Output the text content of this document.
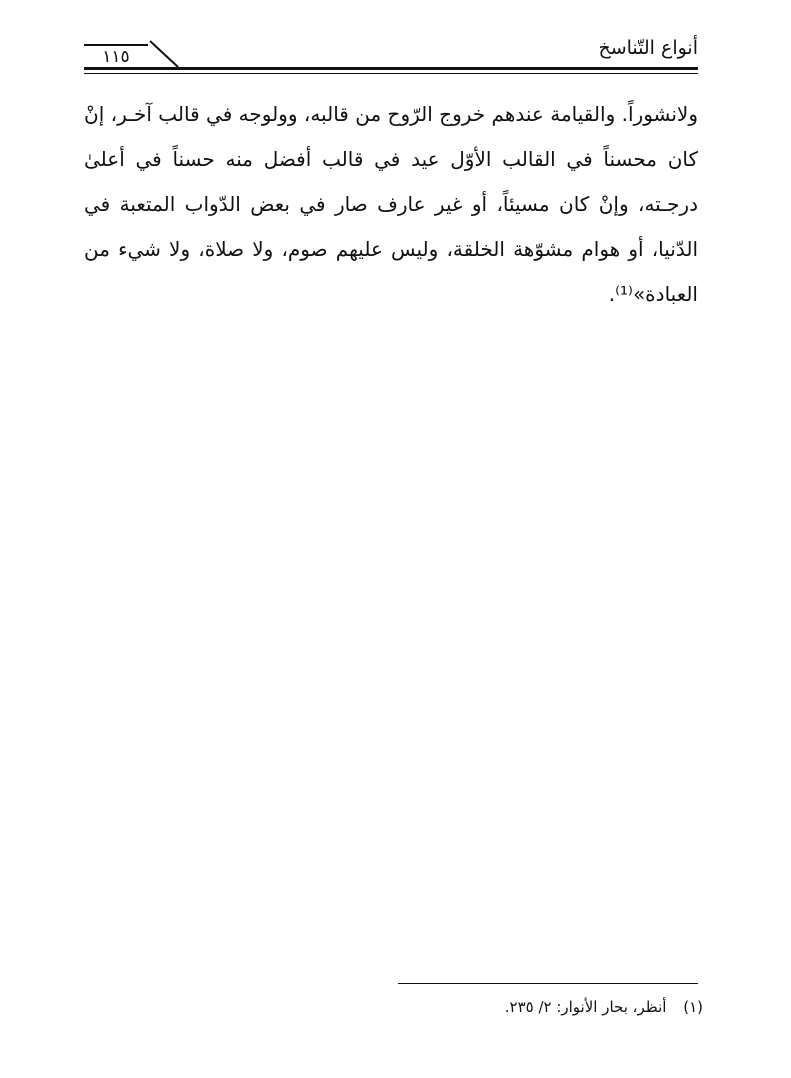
أنواع التّناسخ
١١٥

ولانشوراً. والقيامة عندهم خروج الرّوح من قالبه، وولوجه في قالب آخـر، إنْ كان محسناً في القالب الأوّل عيد في قالب أفضل منه حسناً في أعلىٰ درجـته، وإنْ كان مسيئاً، أو غير عارف صار في بعض الدّواب المتعبة في الدّنيا، أو هوام مشوّهة الخلقة، وليس عليهم صوم، ولا صلاة، ولا شيء من العبادة»⁽¹⁾.

(١) أنظر، بحار الأنوار: ٢/ ٢٣٥.
